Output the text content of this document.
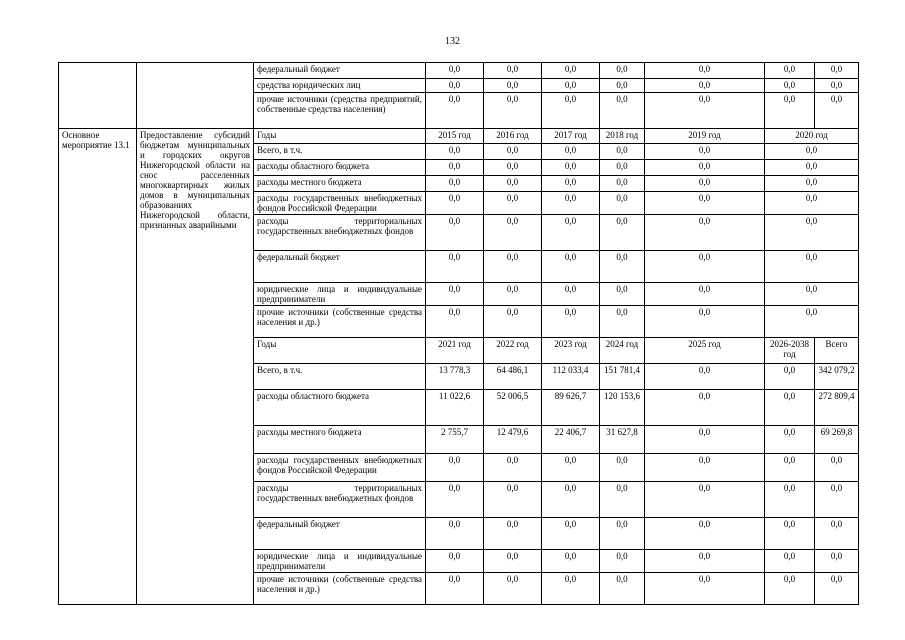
132
		федеральный бюджет	0,0	0,0	0,0	0,0	0,0	0,0	0,0
		средства юридических лиц	0,0	0,0	0,0	0,0	0,0	0,0	0,0
		прочие источники (средства предприятий, собственные средства населения)	0,0	0,0	0,0	0,0	0,0	0,0	0,0
Основное мероприятие 13.1	Предоставление субсидий бюджетам муниципальных и городских округов Нижегородской области на снос расселенных многоквартирных жилых домов в муниципальных образованиях Нижегородской области, признанных аварийными	Годы	2015 год	2016 год	2017 год	2018 год	2019 год	2020 год	
		Всего, в т.ч.	0,0	0,0	0,0	0,0	0,0	0,0	
		расходы областного бюджета	0,0	0,0	0,0	0,0	0,0	0,0	
		расходы местного бюджета	0,0	0,0	0,0	0,0	0,0	0,0	
		расходы государственных внебюджетных фондов Российской Федерации	0,0	0,0	0,0	0,0	0,0	0,0	
		расходы территориальных государственных внебюджетных фондов	0,0	0,0	0,0	0,0	0,0	0,0	
		федеральный бюджет	0,0	0,0	0,0	0,0	0,0	0,0	
		юридические лица и индивидуальные предприниматели	0,0	0,0	0,0	0,0	0,0	0,0	
		прочие источники (собственные средства населения и др.)	0,0	0,0	0,0	0,0	0,0	0,0	
		Годы	2021 год	2022 год	2023 год	2024 год	2025 год	2026-2038 год	Всего
		Всего, в т.ч.	13 778,3	64 486,1	112 033,4	151 781,4	0,0	0,0	342 079,2
		расходы областного бюджета	11 022,6	52 006,5	89 626,7	120 153,6	0,0	0,0	272 809,4
		расходы местного бюджета	2 755,7	12 479,6	22 406,7	31 627,8	0,0	0,0	69 269,8
		расходы государственных внебюджетных фондов Российской Федерации	0,0	0,0	0,0	0,0	0,0	0,0	0,0
		расходы территориальных государственных внебюджетных фондов	0,0	0,0	0,0	0,0	0,0	0,0	0,0
		федеральный бюджет	0,0	0,0	0,0	0,0	0,0	0,0	0,0
		юридические лица и индивидуальные предприниматели	0,0	0,0	0,0	0,0	0,0	0,0	0,0
		прочие источники (собственные средства населения и др.)	0,0	0,0	0,0	0,0	0,0	0,0	0,0
